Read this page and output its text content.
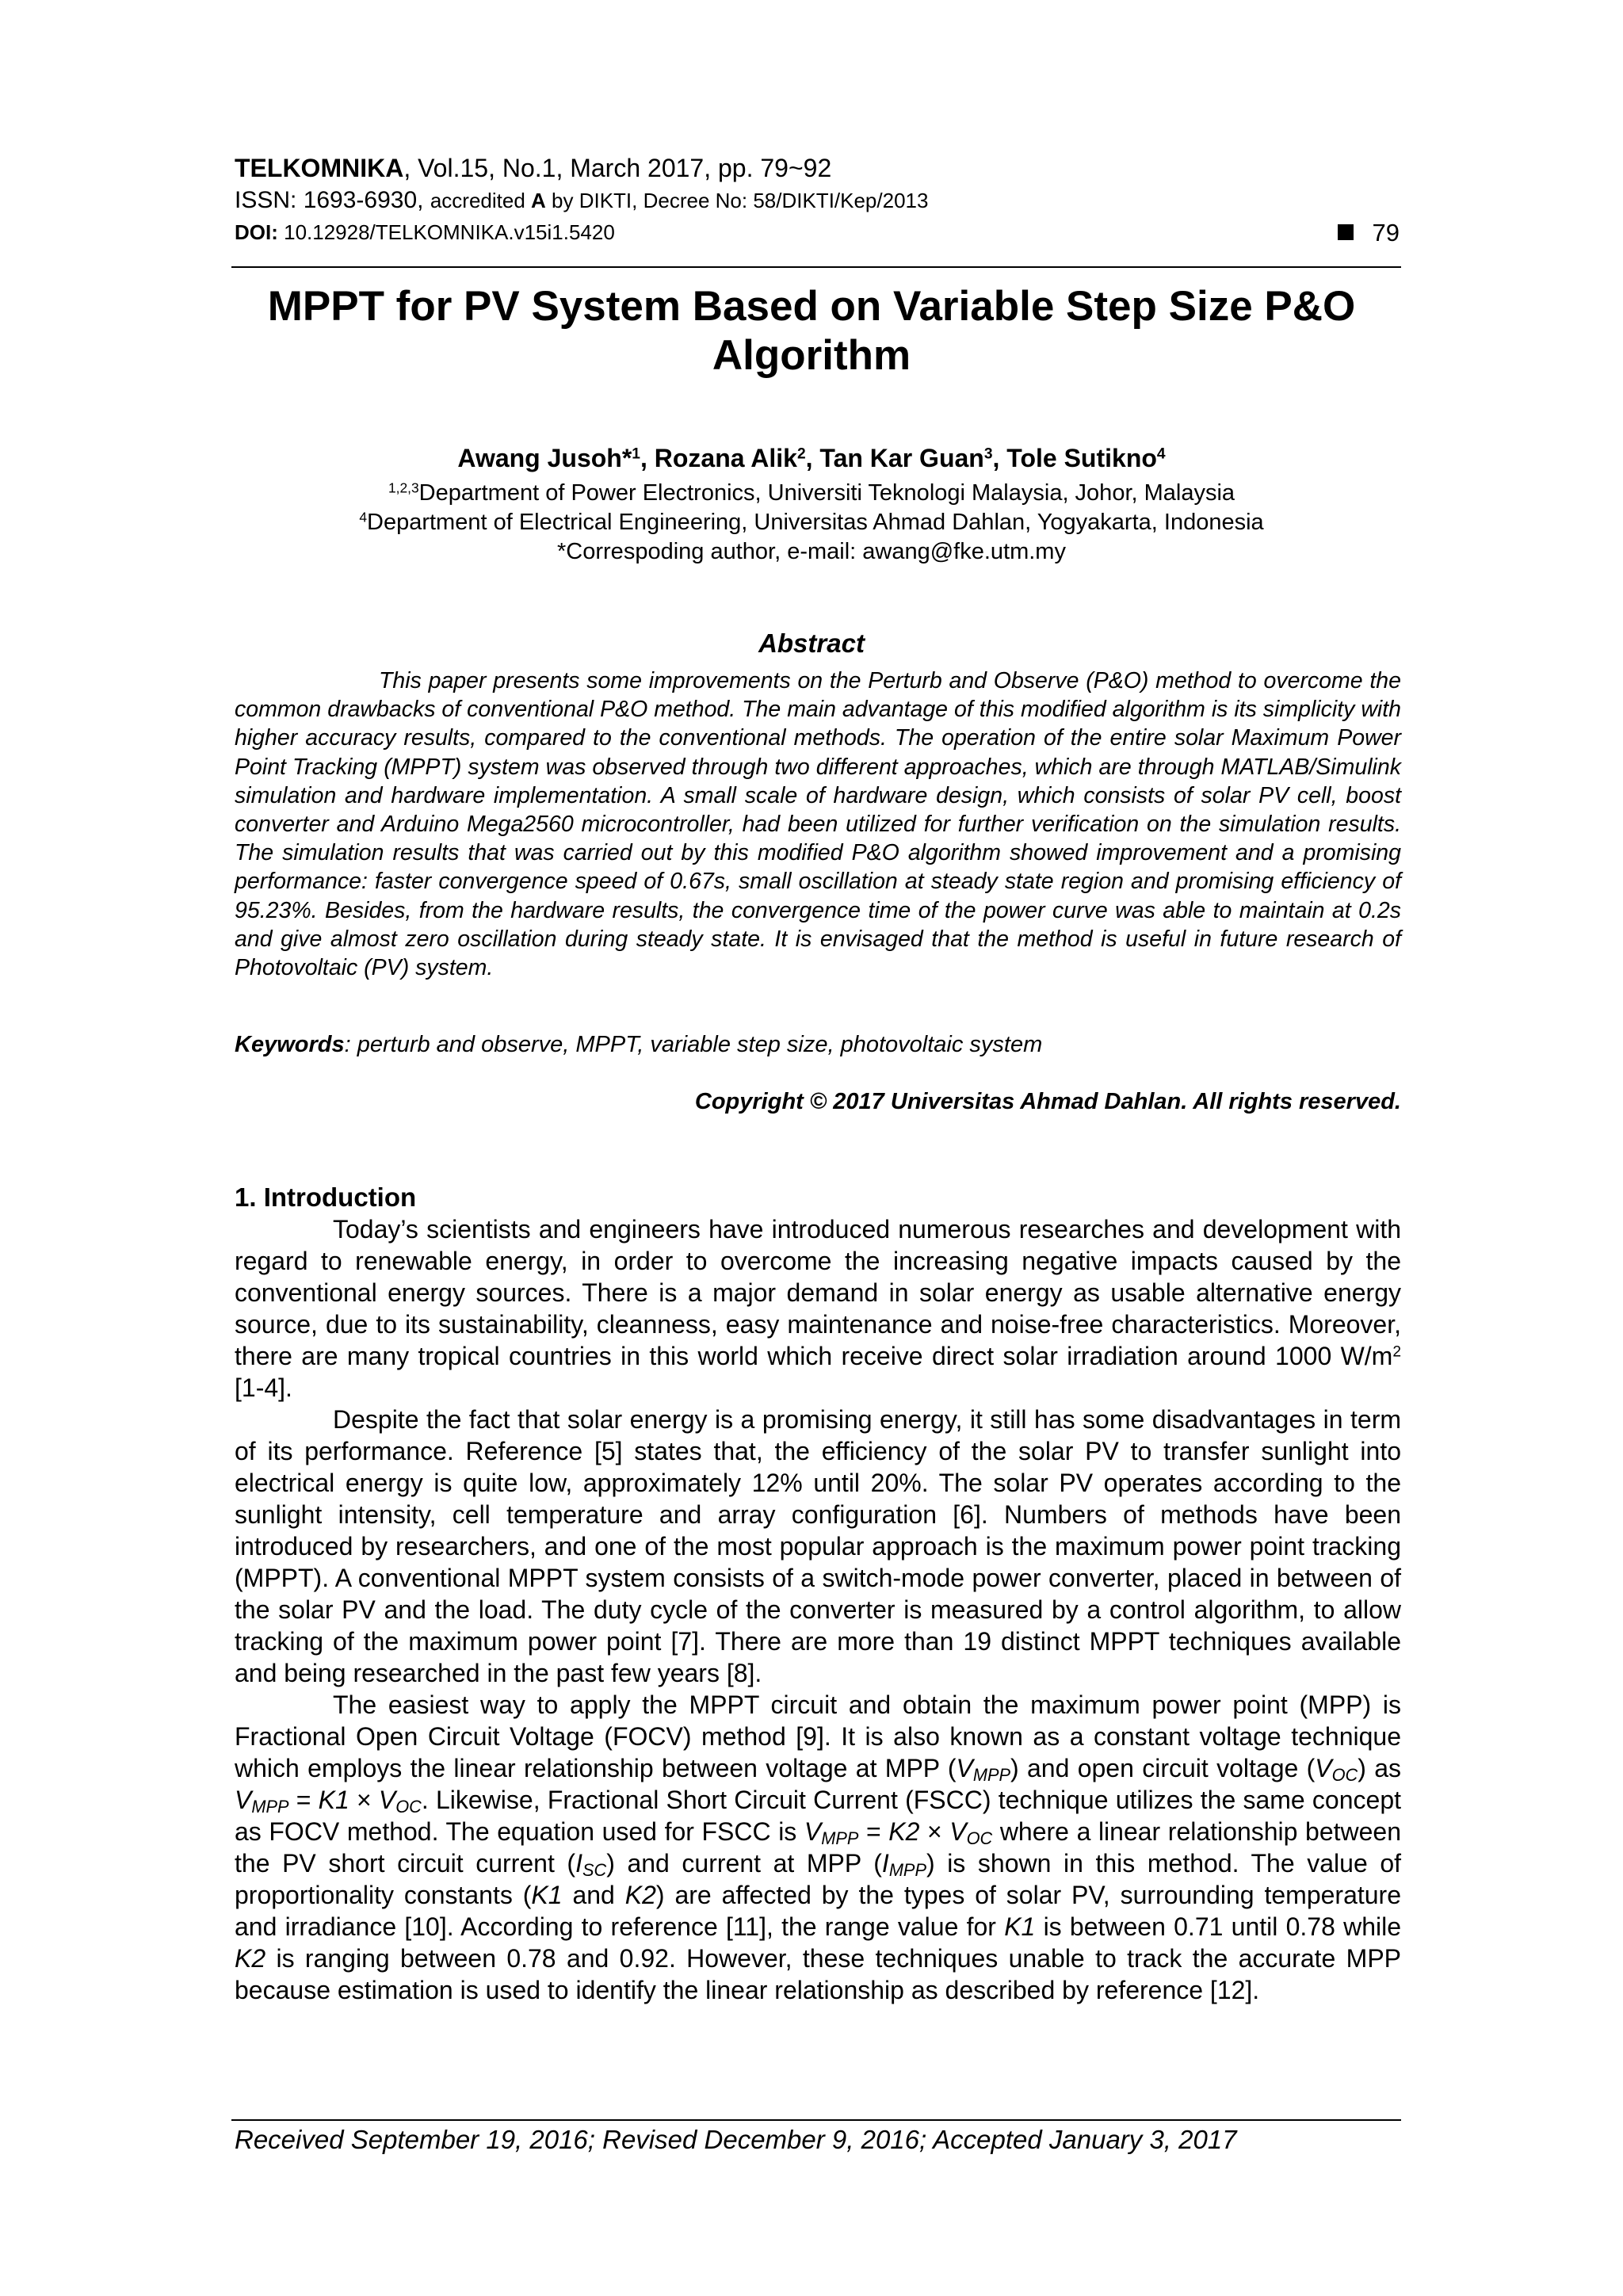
TELKOMNIKA, Vol.15, No.1, March 2017, pp. 79~92
ISSN: 1693-6930, accredited A by DIKTI, Decree No: 58/DIKTI/Kep/2013
DOI: 10.12928/TELKOMNIKA.v15i1.5420	79
MPPT for PV System Based on Variable Step Size P&O
Algorithm
Awang Jusoh*$^1$, Rozana Alik$^2$, Tan Kar Guan$^3$, Tole Sutikno$^4$
$^{1,2,3}$Department of Power Electronics, Universiti Teknologi Malaysia, Johor, Malaysia
$^4$Department of Electrical Engineering, Universitas Ahmad Dahlan, Yogyakarta, Indonesia
*Correspoding author, e-mail: awang@fke.utm.my
Abstract
This paper presents some improvements on the Perturb and Observe (P&O) method to overcome the common drawbacks of conventional P&O method. The main advantage of this modified algorithm is its simplicity with higher accuracy results, compared to the conventional methods. The operation of the entire solar Maximum Power Point Tracking (MPPT) system was observed through two different approaches, which are through MATLAB/Simulink simulation and hardware implementation. A small scale of hardware design, which consists of solar PV cell, boost converter and Arduino Mega2560 microcontroller, had been utilized for further verification on the simulation results. The simulation results that was carried out by this modified P&O algorithm showed improvement and a promising performance: faster convergence speed of 0.67s, small oscillation at steady state region and promising efficiency of 95.23%. Besides, from the hardware results, the convergence time of the power curve was able to maintain at 0.2s and give almost zero oscillation during steady state. It is envisaged that the method is useful in future research of Photovoltaic (PV) system.
Keywords: perturb and observe, MPPT, variable step size, photovoltaic system
Copyright © 2017 Universitas Ahmad Dahlan. All rights reserved.
1. Introduction

Today’s scientists and engineers have introduced numerous researches and development with regard to renewable energy, in order to overcome the increasing negative impacts caused by the conventional energy sources. There is a major demand in solar energy as usable alternative energy source, due to its sustainability, cleanness, easy maintenance and noise-free characteristics. Moreover, there are many tropical countries in this world which receive direct solar irradiation around 1000 $W/m^2$ [1-4].

Despite the fact that solar energy is a promising energy, it still has some disadvantages in term of its performance. Reference [5] states that, the efficiency of the solar PV to transfer sunlight into electrical energy is quite low, approximately 12% until 20%. The solar PV operates according to the sunlight intensity, cell temperature and array configuration [6]. Numbers of methods have been introduced by researchers, and one of the most popular approach is the maximum power point tracking (MPPT). A conventional MPPT system consists of a switch-mode power converter, placed in between of the solar PV and the load. The duty cycle of the converter is measured by a control algorithm, to allow tracking of the maximum power point [7]. There are more than 19 distinct MPPT techniques available and being researched in the past few years [8].

The easiest way to apply the MPPT circuit and obtain the maximum power point (MPP) is Fractional Open Circuit Voltage (FOCV) method [9]. It is also known as a constant voltage technique which employs the linear relationship between voltage at MPP $(V_{MPP})$ and open circuit voltage $(V_{OC})$ as $V_{MPP} = K1 \times V_{OC}$. Likewise, Fractional Short Circuit Current (FSCC) technique utilizes the same concept as FOCV method. The equation used for FSCC is $V_{MPP} = K2 \times V_{OC}$ where a linear relationship between the PV short circuit current $(I_{SC})$ and current at MPP $(I_{MPP})$ is shown in this method. The value of proportionality constants (K1 and K2) are affected by the types of solar PV, surrounding temperature and irradiance [10]. According to reference [11], the range value for K1 is between 0.71 until 0.78 while K2 is ranging between 0.78 and 0.92. However, these techniques unable to track the accurate MPP because estimation is used to identify the linear relationship as described by reference [12].

Received September 19, 2016; Revised December 9, 2016; Accepted January 3, 2017
